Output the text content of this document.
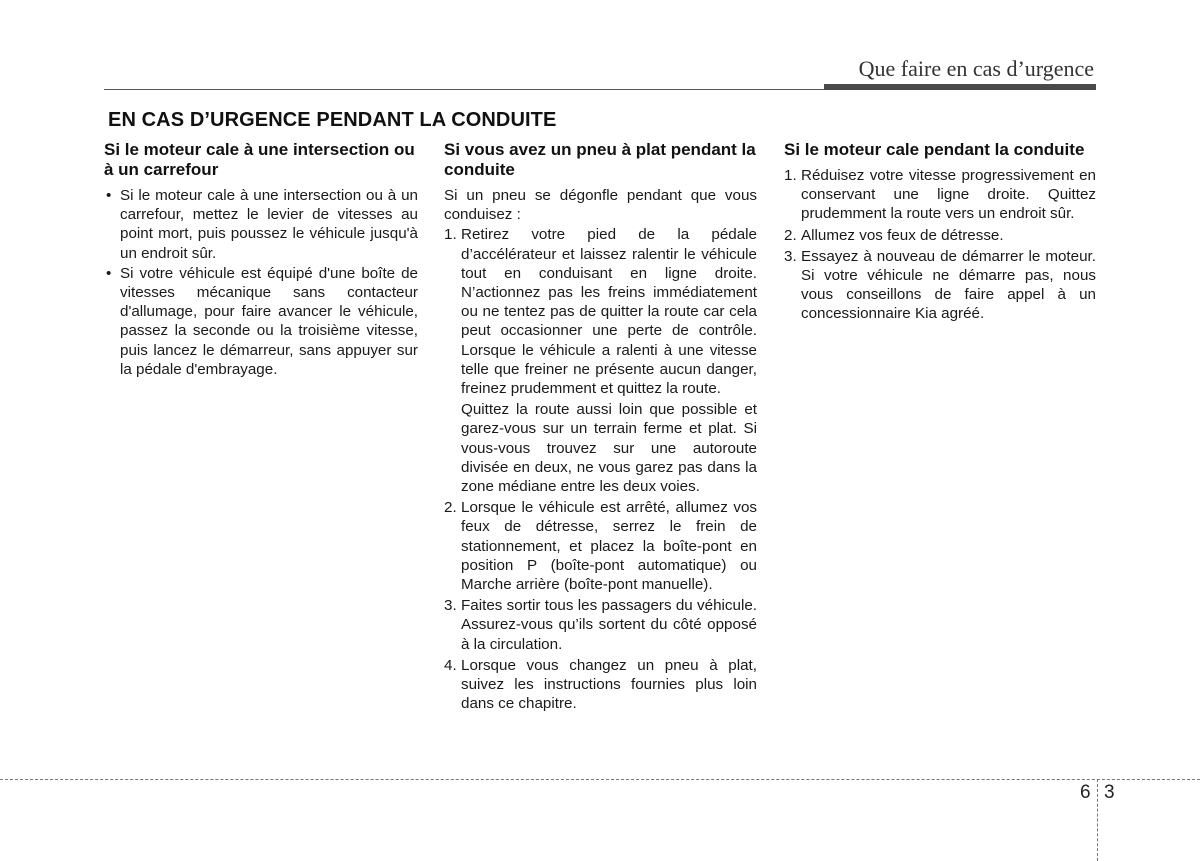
Que faire en cas d’urgence
EN CAS D’URGENCE PENDANT LA CONDUITE
Si le moteur cale à une intersection ou à un carrefour
• Si le moteur cale à une intersection ou à un carrefour, mettez le levier de vitesses au point mort, puis poussez le véhicule jusqu'à un endroit sûr.
• Si votre véhicule est équipé d'une boîte de vitesses mécanique sans contacteur d'allumage, pour faire avancer le véhicule, passez la seconde ou la troisième vitesse, puis lancez le démarreur, sans appuyer sur la pédale d'embrayage.
Si vous avez un pneu à plat pendant la conduite

Si un pneu se dégonfle pendant que vous conduisez :

1. Retirez votre pied de la pédale d’accélérateur et laissez ralentir le véhicule tout en conduisant en ligne droite. N’actionnez pas les freins immédiatement ou ne tentez pas de quitter la route car cela peut occasionner une perte de contrôle. Lorsque le véhicule a ralenti à une vitesse telle que freiner ne présente aucun danger, freinez prudemment et quittez la route.
Quittez la route aussi loin que possible et garez-vous sur un terrain ferme et plat. Si vous-vous trouvez sur une autoroute divisée en deux, ne vous garez pas dans la zone médiane entre les deux voies.
2. Lorsque le véhicule est arrêté, allumez vos feux de détresse, serrez le frein de stationnement, et placez la boîte-pont en position P (boîte-pont automatique) ou Marche arrière (boîte-pont manuelle).
3. Faites sortir tous les passagers du véhicule. Assurez-vous qu’ils sortent du côté opposé à la circulation.
4. Lorsque vous changez un pneu à plat, suivez les instructions fournies plus loin dans ce chapitre.
Si le moteur cale pendant la conduite
1. Réduisez votre vitesse progressivement en conservant une ligne droite. Quittez prudemment la route vers un endroit sûr.
2. Allumez vos feux de détresse.
3. Essayez à nouveau de démarrer le moteur. Si votre véhicule ne démarre pas, nous vous conseillons de faire appel à un concessionnaire Kia agréé.
6 3
